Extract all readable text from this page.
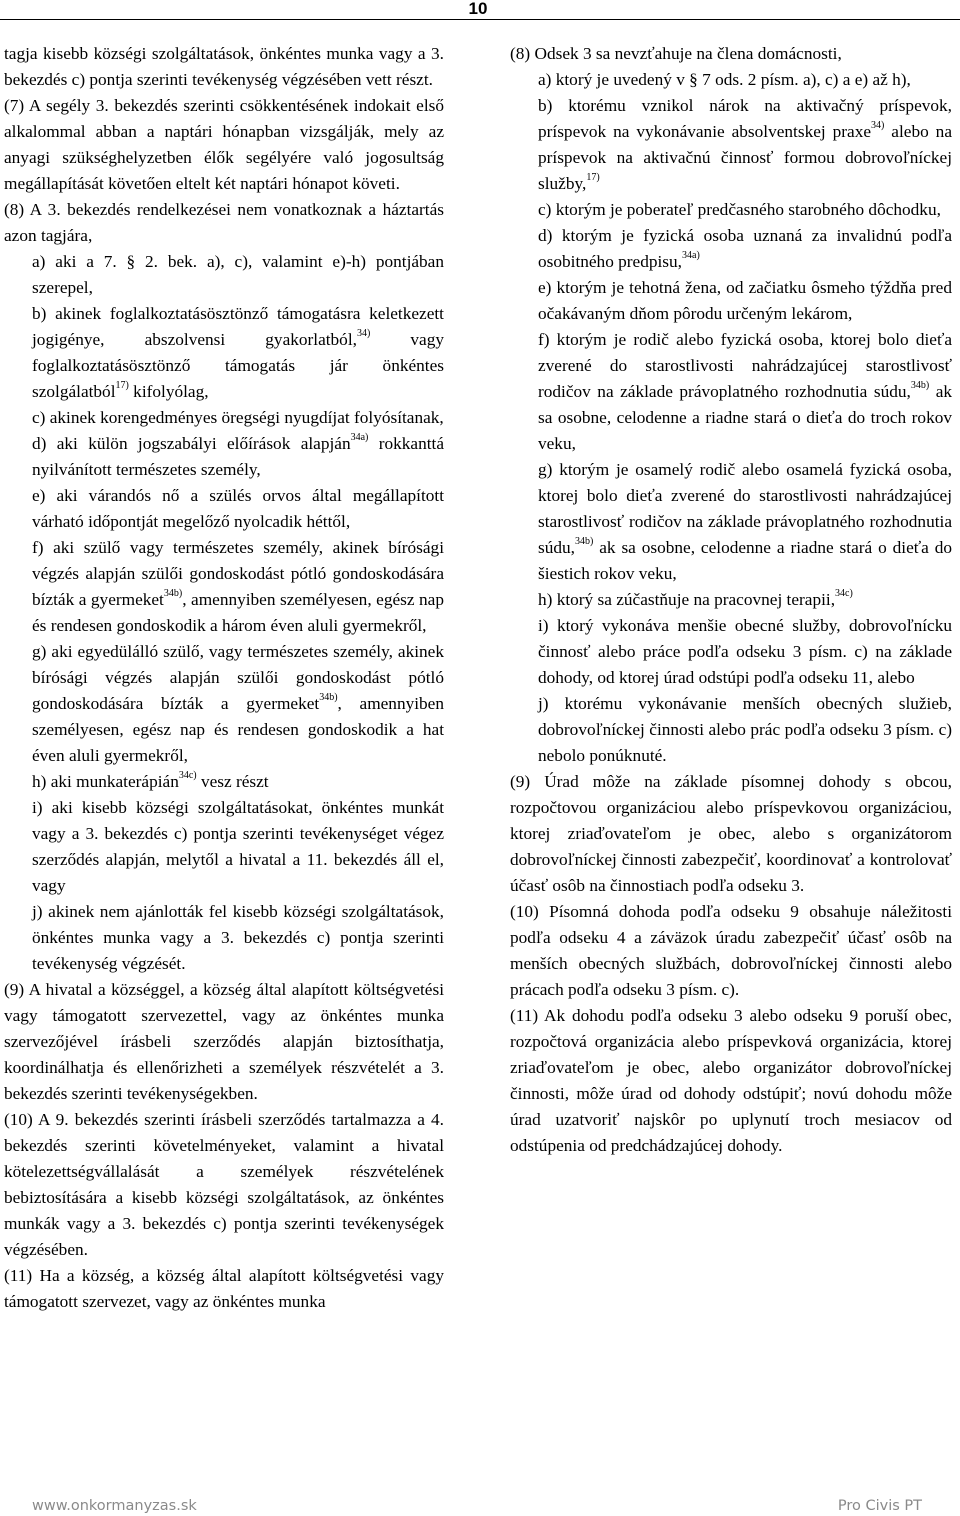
10

tagja kisebb községi szolgáltatások, önkéntes munka vagy a 3. bekezdés c) pontja szerinti tevékenység végzésében vett részt.

(7) A segély 3. bekezdés szerinti csökkentésének indokait első alkalommal abban a naptári hónapban vizsgálják, mely az anyagi szükséghelyzetben élők segélyére való jogosultság megállapítását követően eltelt két naptári hónapot követi.

(8) A 3. bekezdés rendelkezései nem vonatkoznak a háztartás azon tagjára,

a) aki a 7. § 2. bek. a), c), valamint e)-h) pontjában szerepel,

b) akinek foglalkoztatásösztönző támogatásra keletkezett jogigénye, abszolvensi gyakorlatból,$^{34)}$ vagy foglalkoztatásösztönző támogatás jár önkéntes szolgálatból$^{17)}$ kifolyólag,

c) akinek korengedményes öregségi nyugdíjat folyósítanak,

d) aki külön jogszabályi előírások alapján$^{34a)}$ rokkanttá nyilvánított természetes személy,

e) aki várandós nő a szülés orvos által megállapított várható időpontját megelőző nyolcadik héttől,

f) aki szülő vagy természetes személy, akinek bírósági végzés alapján szülői gondoskodást pótló gondoskodására bízták a gyermeket$^{34b)}$, amennyiben személyesen, egész nap és rendesen gondoskodik a három éven aluli gyermekről,

g) aki egyedülálló szülő, vagy természetes személy, akinek bírósági végzés alapján szülői gondoskodást pótló gondoskodására bízták a gyermeket$^{34b)}$, amennyiben személyesen, egész nap és rendesen gondoskodik a hat éven aluli gyermekről,

h) aki munkaterápián$^{34c)}$ vesz részt

i) aki kisebb községi szolgáltatásokat, önkéntes munkát vagy a 3. bekezdés c) pontja szerinti tevékenységet végez szerződés alapján, melytől a hivatal a 11. bekezdés áll el, vagy

j) akinek nem ajánlották fel kisebb községi szolgáltatások, önkéntes munka vagy a 3. bekezdés c) pontja szerinti tevékenység végzését.

(9) A hivatal a községgel, a község által alapított költségvetési vagy támogatott szervezettel, vagy az önkéntes munka szervezőjével írásbeli szerződés alapján biztosíthatja, koordinálhatja és ellenőrizheti a személyek részvételét a 3. bekezdés szerinti tevékenységekben.

(10) A 9. bekezdés szerinti írásbeli szerződés tartalmazza a 4. bekezdés szerinti követelményeket, valamint a hivatal kötelezettségvállalását a személyek részvételének bebiztosítására a kisebb községi szolgáltatások, az önkéntes munkák vagy a 3. bekezdés c) pontja szerinti tevékenységek végzésében.

(11) Ha a község, a község által alapított költségvetési vagy támogatott szervezet, vagy az önkéntes munka

(8) Odsek 3 sa nevzťahuje na člena domácnosti,

a) ktorý je uvedený v § 7 ods. 2 písm. a), c) a e) až h),

b) ktorému vznikol nárok na aktivačný príspevok, príspevok na vykonávanie absolventskej praxe$^{34)}$ alebo na príspevok na aktivačnú činnosť formou dobrovoľníckej služby,$^{17)}$

c) ktorým je poberateľ predčasného starobného dôchodku,

d) ktorým je fyzická osoba uznaná za invalidnú podľa osobitného predpisu,$^{34a)}$

e) ktorým je tehotná žena, od začiatku ôsmeho týždňa pred očakávaným dňom pôrodu určeným lekárom,

f) ktorým je rodič alebo fyzická osoba, ktorej bolo dieťa zverené do starostlivosti nahrádzajúcej starostlivosť rodičov na základe právoplatného rozhodnutia súdu,$^{34b)}$ ak sa osobne, celodenne a riadne stará o dieťa do troch rokov veku,

g) ktorým je osamelý rodič alebo osamelá fyzická osoba, ktorej bolo dieťa zverené do starostlivosti nahrádzajúcej starostlivosť rodičov na základe právoplatného rozhodnutia súdu,$^{34b)}$ ak sa osobne, celodenne a riadne stará o dieťa do šiestich rokov veku,

h) ktorý sa zúčastňuje na pracovnej terapii,$^{34c)}$

i) ktorý vykonáva menšie obecné služby, dobrovoľnícku činnosť alebo práce podľa odseku 3 písm. c) na základe dohody, od ktorej úrad odstúpi podľa odseku 11, alebo

j) ktorému vykonávanie menších obecných služieb, dobrovoľníckej činnosti alebo prác podľa odseku 3 písm. c) nebolo ponúknuté.

(9) Úrad môže na základe písomnej dohody s obcou, rozpočtovou organizáciou alebo príspevkovou organizáciou, ktorej zriaďovateľom je obec, alebo s organizátorom dobrovoľníckej činnosti zabezpečiť, koordinovať a kontrolovať účasť osôb na činnostiach podľa odseku 3.

(10) Písomná dohoda podľa odseku 9 obsahuje náležitosti podľa odseku 4 a záväzok úradu zabezpečiť účasť osôb na menších obecných službách, dobrovoľníckej činnosti alebo prácach podľa odseku 3 písm. c).

(11) Ak dohodu podľa odseku 3 alebo odseku 9 poruší obec, rozpočtová organizácia alebo príspevková organizácia, ktorej zriaďovateľom je obec, alebo organizátor dobrovoľníckej činnosti, môže úrad od dohody odstúpiť; novú dohodu môže úrad uzatvoriť najskôr po uplynutí troch mesiacov od odstúpenia od predchádzajúcej dohody.

www.onkormanyzas.sk	Pro Civis PT
